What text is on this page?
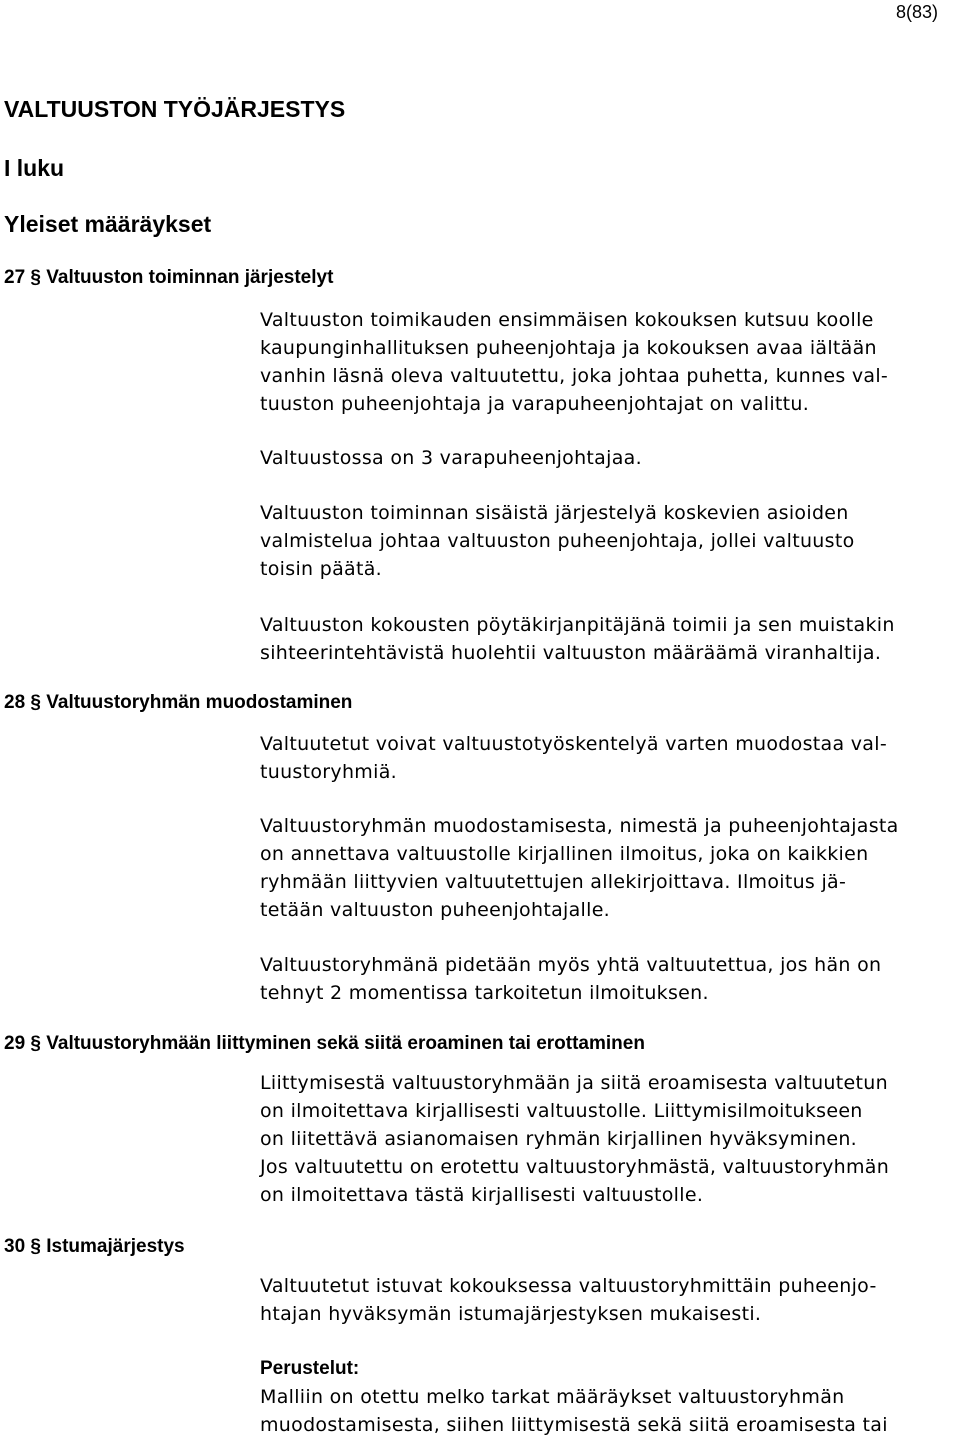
8(83)
VALTUUSTON TYÖJÄRJESTYS
I luku
Yleiset määräykset
27 § Valtuuston toiminnan järjestelyt
Valtuuston toimikauden ensimmäisen kokouksen kutsuu koolle
kaupunginhallituksen puheenjohtaja ja kokouksen avaa iältään
vanhin läsnä oleva valtuutettu, joka johtaa puhetta, kunnes val-
tuuston puheenjohtaja ja varapuheenjohtajat on valittu.
Valtuustossa on 3 varapuheenjohtajaa.
Valtuuston toiminnan sisäistä järjestelyä koskevien asioiden
valmistelua johtaa valtuuston puheenjohtaja, jollei valtuusto
toisin päätä.
Valtuuston kokousten pöytäkirjanpitäjänä toimii ja sen muistakin
sihteerintehtävistä huolehtii valtuuston määräämä viranhaltija.
28 § Valtuustoryhmän muodostaminen
Valtuutetut voivat valtuustotyöskentelyä varten muodostaa val-
tuustoryhmiä.
Valtuustoryhmän muodostamisesta, nimestä ja puheenjohtajasta
on annettava valtuustolle kirjallinen ilmoitus, joka on kaikkien
ryhmään liittyvien valtuutettujen allekirjoittava. Ilmoitus jä-
tetään valtuuston puheenjohtajalle.
Valtuustoryhmänä pidetään myös yhtä valtuutettua, jos hän on
tehnyt 2 momentissa tarkoitetun ilmoituksen.
29 § Valtuustoryhmään liittyminen sekä siitä eroaminen tai erottaminen
Liittymisestä valtuustoryhmään ja siitä eroamisesta valtuutetun
on ilmoitettava kirjallisesti valtuustolle. Liittymisilmoitukseen
on liitettävä asianomaisen ryhmän kirjallinen hyväksyminen.
Jos valtuutettu on erotettu valtuustoryhmästä, valtuustoryhmän
on ilmoitettava tästä kirjallisesti valtuustolle.
30 § Istumajärjestys
Valtuutetut istuvat kokouksessa valtuustoryhmittäin puheenjo-
htajan hyväksymän istumajärjestyksen mukaisesti.
Perustelut:
Malliin on otettu melko tarkat määräykset valtuustoryhmän
muodostamisesta, siihen liittymisestä sekä siitä eroamisesta tai
